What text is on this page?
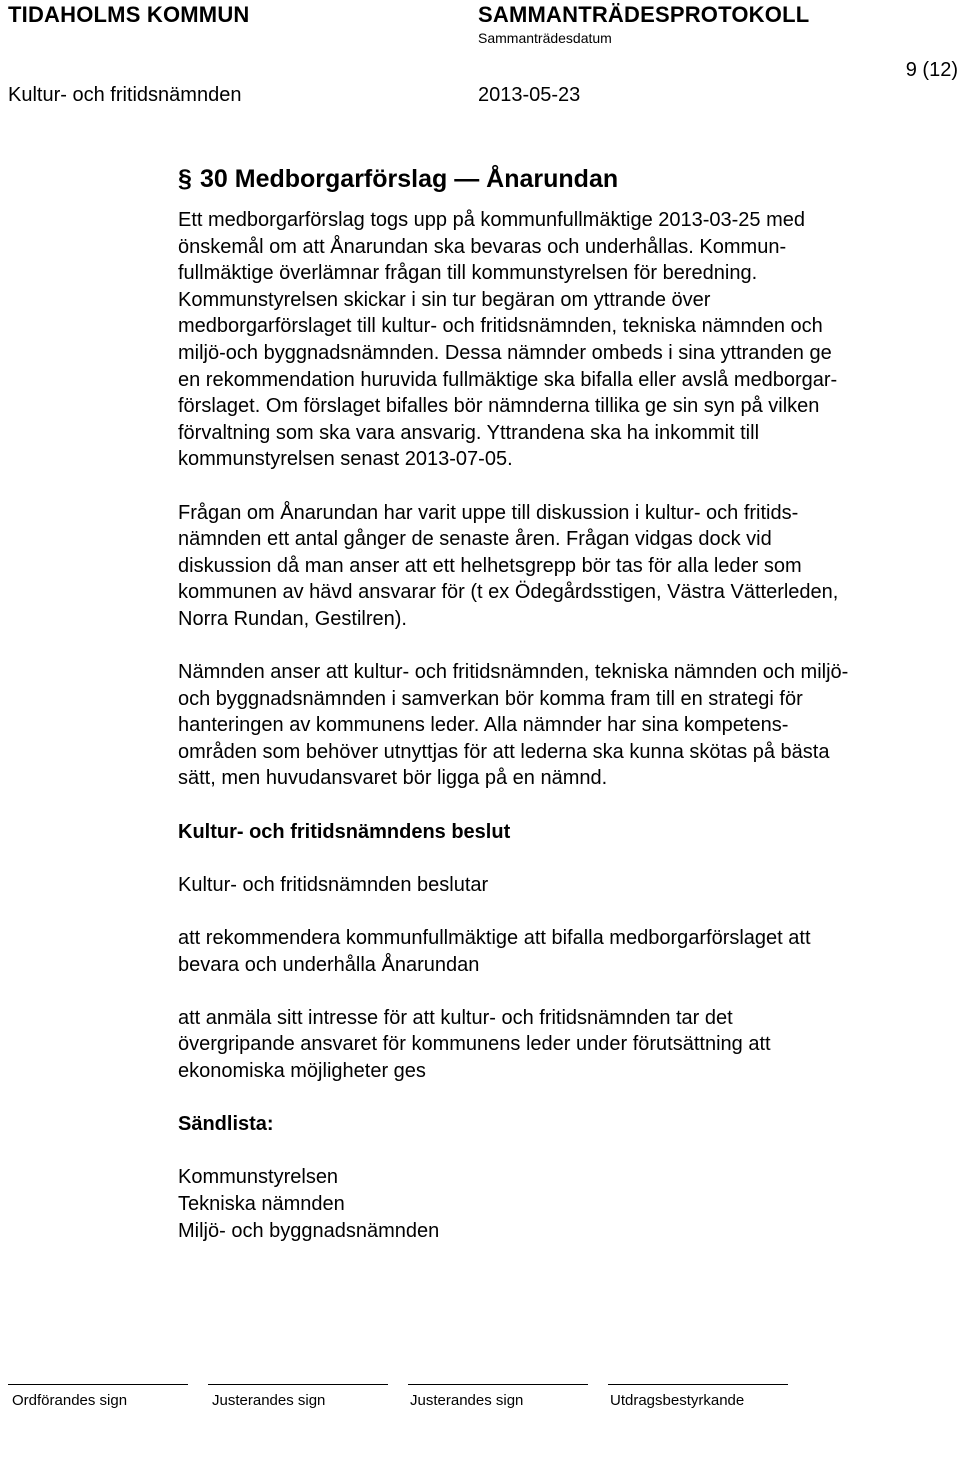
TIDAHOLMS KOMMUN	SAMMANTRÄDESPROTOKOLL
Sammanträdesdatum
9 (12)
Kultur- och fritidsnämnden	2013-05-23
§ 30 Medborgarförslag — Ånarundan

Ett medborgarförslag togs upp på kommunfullmäktige 2013-03-25 med
önskemål om att Ånarundan ska bevaras och underhållas. Kommun-
fullmäktige överlämnar frågan till kommunstyrelsen för beredning.
Kommunstyrelsen skickar i sin tur begäran om yttrande över
medborgarförslaget till kultur- och fritidsnämnden, tekniska nämnden och
miljö-och byggnadsnämnden. Dessa nämnder ombeds i sina yttranden ge
en rekommendation huruvida fullmäktige ska bifalla eller avslå medborgar-
förslaget. Om förslaget bifalles bör nämnderna tillika ge sin syn på vilken
förvaltning som ska vara ansvarig. Yttrandena ska ha inkommit till
kommunstyrelsen senast 2013-07-05.

Frågan om Ånarundan har varit uppe till diskussion i kultur- och fritids-
nämnden ett antal gånger de senaste åren. Frågan vidgas dock vid
diskussion då man anser att ett helhetsgrepp bör tas för alla leder som
kommunen av hävd ansvarar för (t ex Ödegårdsstigen, Västra Vätterleden,
Norra Rundan, Gestilren).

Nämnden anser att kultur- och fritidsnämnden, tekniska nämnden och miljö-
och byggnadsnämnden i samverkan bör komma fram till en strategi för
hanteringen av kommunens leder. Alla nämnder har sina kompetens-
områden som behöver utnyttjas för att lederna ska kunna skötas på bästa
sätt, men huvudansvaret bör ligga på en nämnd.

Kultur- och fritidsnämndens beslut

Kultur- och fritidsnämnden beslutar

att rekommendera kommunfullmäktige att bifalla medborgarförslaget att
bevara och underhålla Ånarundan

att anmäla sitt intresse för att kultur- och fritidsnämnden tar det
övergripande ansvaret för kommunens leder under förutsättning att
ekonomiska möjligheter ges

Sändlista:

Kommunstyrelsen

Tekniska nämnden

Miljö- och byggnadsnämnden

Ordförandes sign	Justerandes sign	Justerandes sign	Utdragsbestyrkande
